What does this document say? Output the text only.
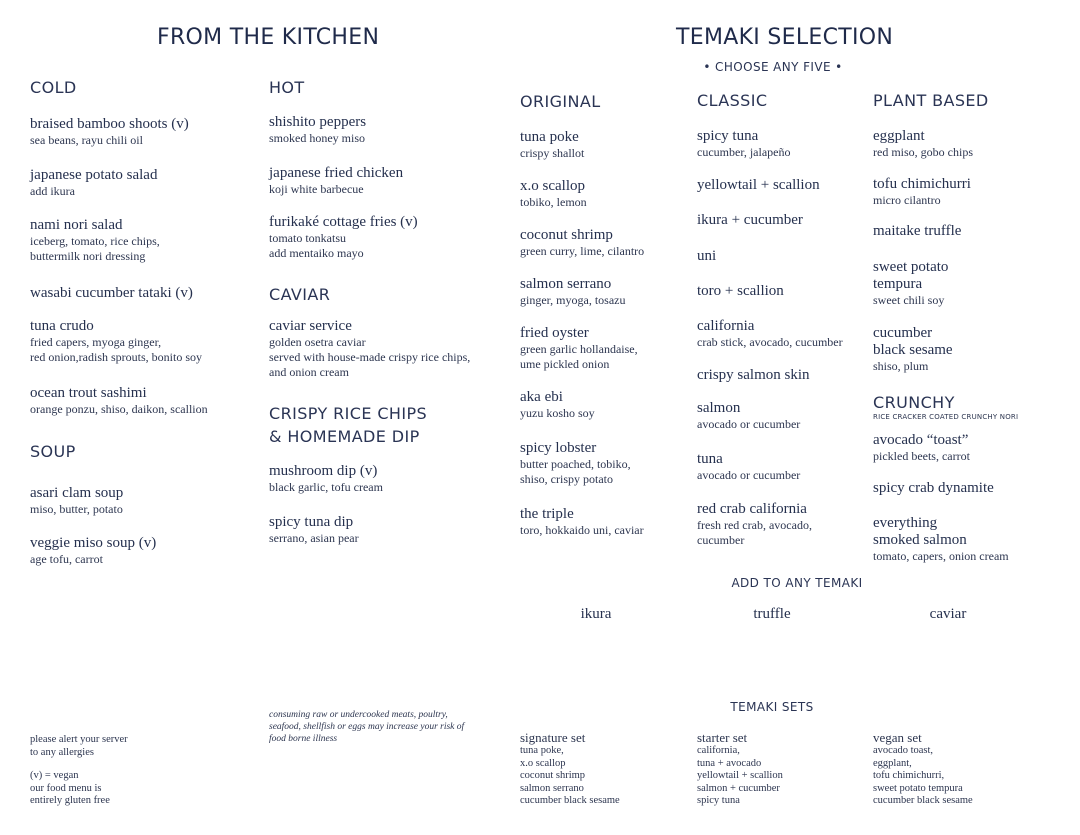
FROM THE KITCHEN
COLD
braised bamboo shoots (v)
sea beans, rayu chili oil
japanese potato salad
add ikura
nami nori salad
iceberg, tomato, rice chips,
buttermilk nori dressing
wasabi cucumber tataki (v)
tuna crudo
fried capers, myoga ginger,
red onion,radish sprouts, bonito soy
ocean trout sashimi
orange ponzu, shiso, daikon, scallion
SOUP
asari clam soup
miso, butter, potato
veggie miso soup (v)
age tofu, carrot
HOT
shishito peppers
smoked honey miso
japanese fried chicken
koji white barbecue
furikaké cottage fries (v)
tomato tonkatsu
add mentaiko mayo
CAVIAR
caviar service
golden osetra caviar
served with house-made crispy rice chips,
and onion cream
CRISPY RICE CHIPS
& HOMEMADE DIP
mushroom dip (v)
black garlic, tofu cream
spicy tuna dip
serrano, asian pear
TEMAKI SELECTION
• CHOOSE ANY FIVE •
ORIGINAL
tuna poke
crispy shallot
x.o scallop
tobiko, lemon
coconut shrimp
green curry, lime, cilantro
salmon serrano
ginger, myoga, tosazu
fried oyster
green garlic hollandaise,
ume pickled onion
aka ebi
yuzu kosho soy
spicy lobster
butter poached, tobiko,
shiso, crispy potato
the triple
toro, hokkaido uni, caviar
CLASSIC
spicy tuna
cucumber, jalapeño
yellowtail + scallion
ikura + cucumber
uni
toro + scallion
california
crab stick, avocado, cucumber
crispy salmon skin
salmon
avocado or cucumber
tuna
avocado or cucumber
red crab california
fresh red crab, avocado,
cucumber
PLANT BASED
eggplant
red miso, gobo chips
tofu chimichurri
micro cilantro
maitake truffle
sweet potato
tempura
sweet chili soy
cucumber
black sesame
shiso, plum
CRUNCHY
RICE CRACKER COATED CRUNCHY NORI
avocado “toast”
pickled beets, carrot
spicy crab dynamite
everything
smoked salmon
tomato, capers, onion cream
ADD TO ANY TEMAKI
ikura	truffle	caviar
TEMAKI SETS
signature set
tuna poke,
x.o scallop
coconut shrimp
salmon serrano
cucumber black sesame
starter set
california,
tuna + avocado
yellowtail + scallion
salmon + cucumber
spicy tuna
vegan set
avocado toast,
eggplant,
tofu chimichurri,
sweet potato tempura
cucumber black sesame
please alert your server
to any allergies
(v) = vegan
our food menu is
entirely gluten free
consuming raw or undercooked meats, poultry,
seafood, shellfish or eggs may increase your risk of
food borne illness
